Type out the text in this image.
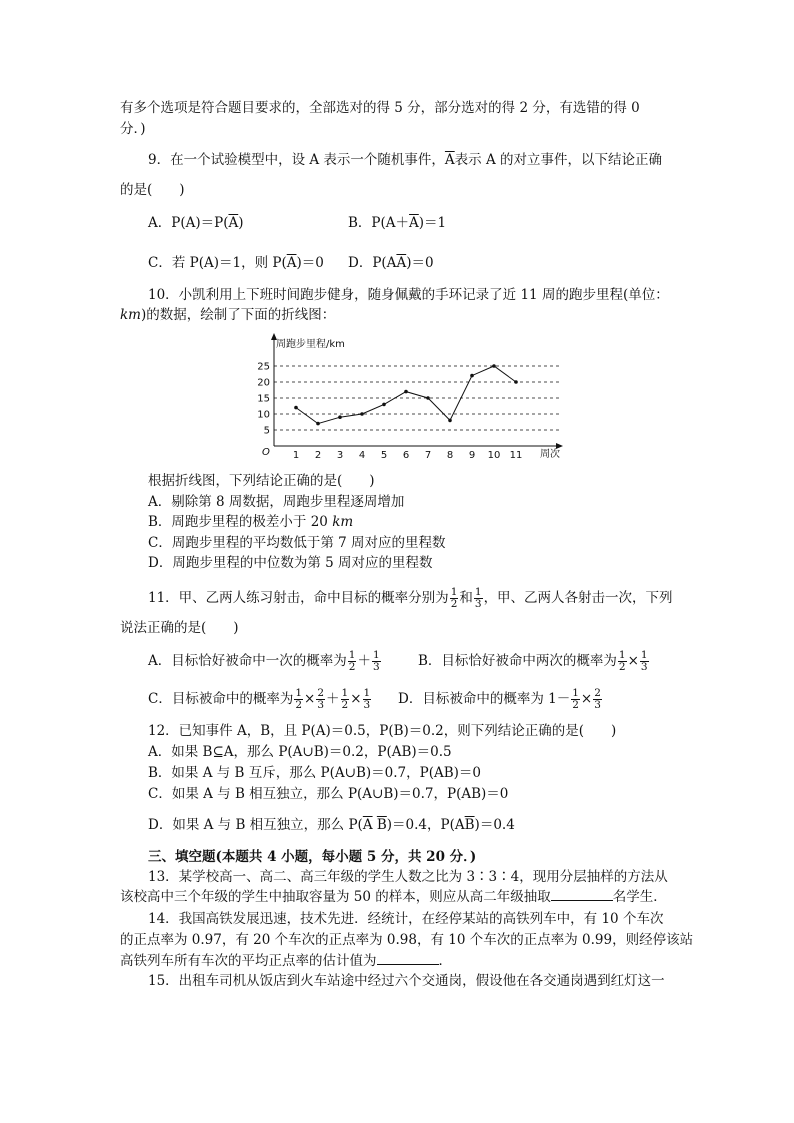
有多个选项是符合题目要求的，全部选对的得 5 分，部分选对的得 2 分，有选错的得 0
分．)
9．在一个试验模型中，设 A 表示一个随机事件，$\overline{A}$表示 A 的对立事件，以下结论正确
的是(　　)
A．$P(A)=P(\overline{A})$	B．$P(A+\overline{A})=1$
C．若 P(A)＝1，则 $P(\overline{A})=0$ D．$P(A\overline{A})=0$
10．小凯利用上下班时间跑步健身，随身佩戴的手环记录了近 11 周的跑步里程(单位：
km)的数据，绘制了下面的折线图：
周跑步里程/km
周次
O
5
10
15
20
25
1 2 3 4 5 6 7 8 9 10 11
根据折线图，下列结论正确的是(　　)
A．剔除第 8 周数据，周跑步里程逐周增加
B．周跑步里程的极差小于 20 km
C．周跑步里程的平均数低于第 7 周对应的里程数
D．周跑步里程的中位数为第 5 周对应的里程数
11．甲、乙两人练习射击，命中目标的概率分别为 $\frac{1}{2}$ 和 $\frac{1}{3}$ ，甲、乙两人各射击一次，下列
说法正确的是(　　)
A．目标恰好被命中一次的概率为 $\frac{1}{2} + \frac{1}{3}$	B．目标恰好被命中两次的概率为 $\frac{1}{2} \times \frac{1}{3}$
C．目标被命中的概率为 $\frac{1}{2} \times \frac{2}{3} + \frac{1}{2} \times \frac{1}{3}$ D．目标被命中的概率为 $1- \frac{1}{2} \times \frac{2}{3}$
12．已知事件 A，B，且 P(A)＝0.5，P(B)＝0.2，则下列结论正确的是(　　)
A．如果 B⊆A，那么 P(A∪B)＝0.2，P(AB)＝0.5
B．如果 A 与 B 互斥，那么 P(A∪B)＝0.7，P(AB)＝0
C．如果 A 与 B 相互独立，那么 P(A∪B)＝0.7，P(AB)＝0
D．如果 A 与 B 相互独立，那么 $P(\overline{A}$ $\overline{B})=0.4$，$P(A\overline{B})=0.4$
三、填空题(本题共 4 小题，每小题 5 分，共 20 分．)
13．某学校高一、高二、高三年级的学生人数之比为 3∶3∶4，现用分层抽样的方法从
该校高中三个年级的学生中抽取容量为 50 的样本，则应从高二年级抽取	名学生．
14．我国高铁发展迅速，技术先进．经统计，在经停某站的高铁列车中，有 10 个车次
的正点率为 0.97，有 20 个车次的正点率为 0.98，有 10 个车次的正点率为 0.99，则经停该站
高铁列车所有车次的平均正点率的估计值为	．
15．出租车司机从饭店到火车站途中经过六个交通岗，假设他在各交通岗遇到红灯这一
